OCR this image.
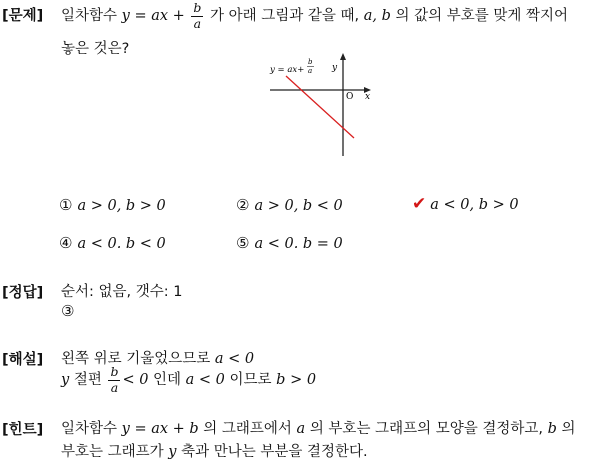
[문제] 일차함수 y = ax + $\frac{b}{a}$ 가 아래 그림과 같을 때, a, b 의 값의 부호를 맞게 짝지어
놓은 것은?
y = ax+
b
a y
O x
① a > 0, b > 0	② a > 0, b < 0	✔ a < 0, b > 0
④ a < 0. b < 0	⑤ a < 0. b = 0
[정답] 순서: 없음, 갯수: 1
③
[해설] 왼쪽 위로 기울었으므로 a < 0
y 절편 $\frac{b}{a} < 0$ 인데 a < 0 이므로 b > 0
[힌트] 일차함수 y = ax + b 의 그래프에서 a 의 부호는 그래프의 모양을 결정하고, b 의
부호는 그래프가 y 축과 만나는 부분을 결정한다.
